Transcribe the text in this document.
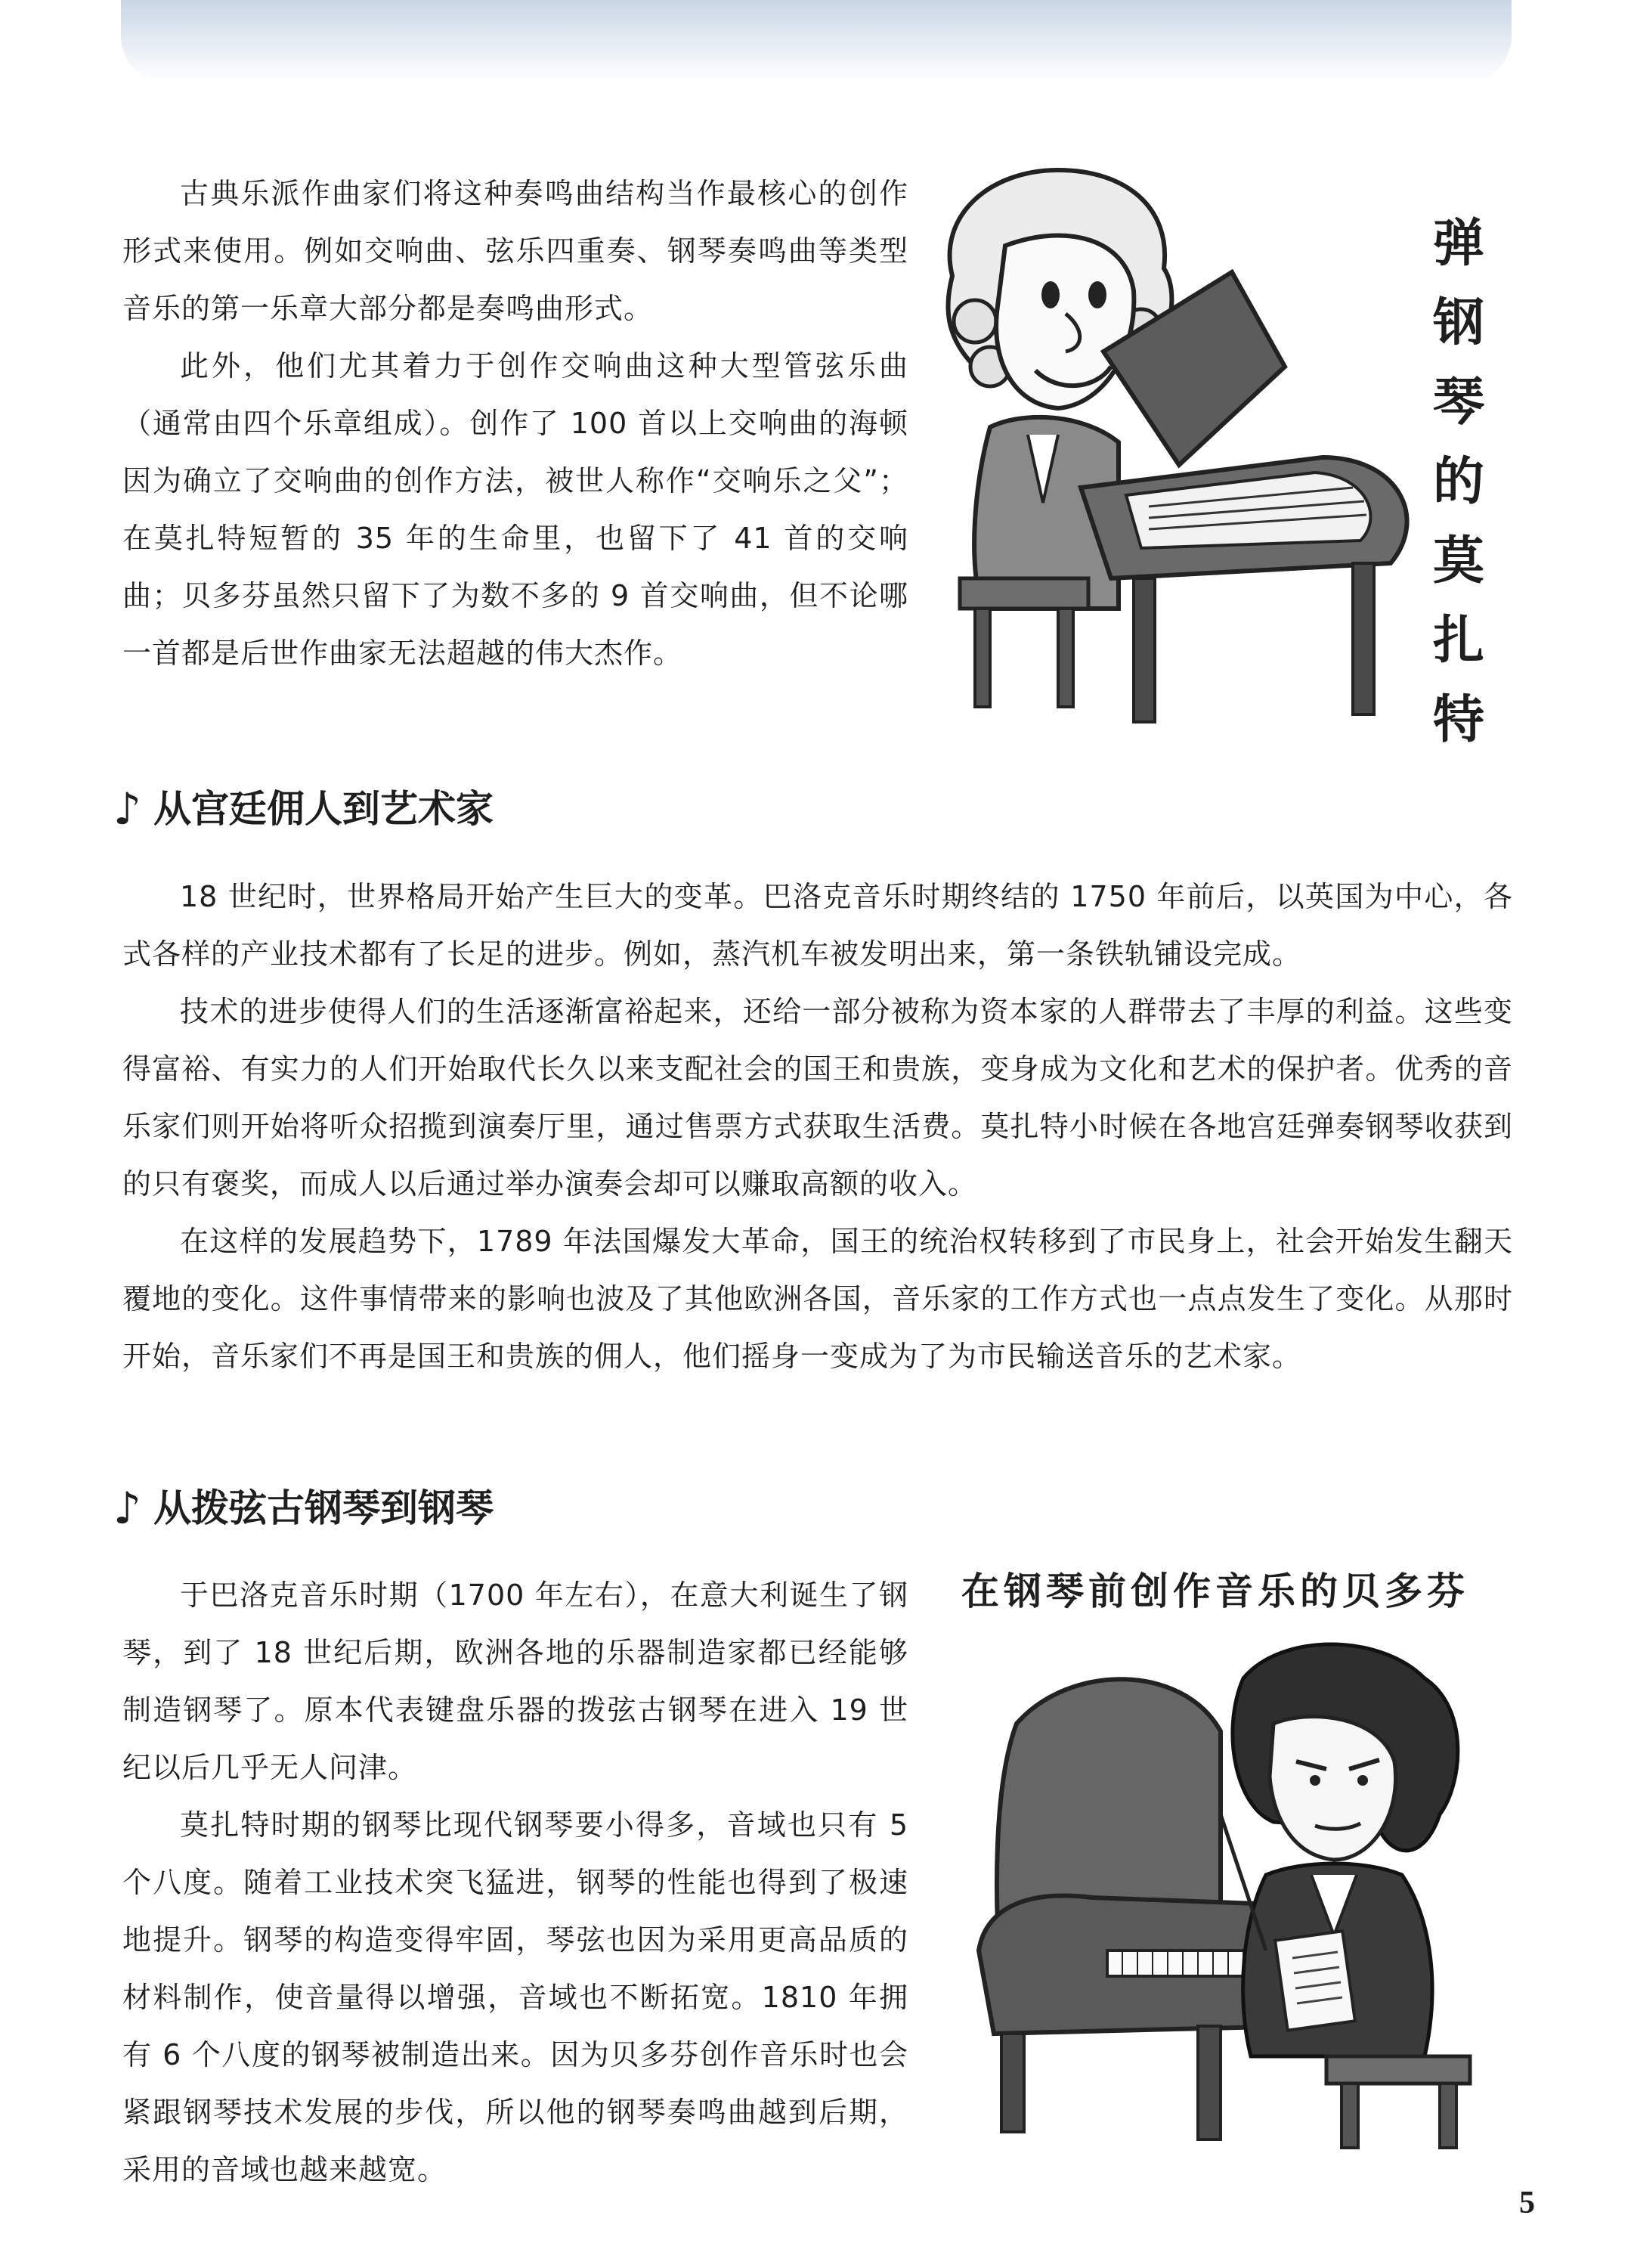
古典乐派作曲家们将这种奏鸣曲结构当作最核心的创作形式来使用。例如交响曲、弦乐四重奏、钢琴奏鸣曲等类型音乐的第一乐章大部分都是奏鸣曲形式。

此外，他们尤其着力于创作交响曲这种大型管弦乐曲（通常由四个乐章组成）。创作了 100 首以上交响曲的海顿因为确立了交响曲的创作方法，被世人称作“交响乐之父”；在莫扎特短暂的 35 年的生命里，也留下了 41 首的交响曲；贝多芬虽然只留下了为数不多的 9 首交响曲，但不论哪一首都是后世作曲家无法超越的伟大杰作。

弹钢琴的莫扎特
♪ 从宫廷佣人到艺术家

18 世纪时，世界格局开始产生巨大的变革。巴洛克音乐时期终结的 1750 年前后，以英国为中心，各式各样的产业技术都有了长足的进步。例如，蒸汽机车被发明出来，第一条铁轨铺设完成。

技术的进步使得人们的生活逐渐富裕起来，还给一部分被称为资本家的人群带去了丰厚的利益。这些变得富裕、有实力的人们开始取代长久以来支配社会的国王和贵族，变身成为文化和艺术的保护者。优秀的音乐家们则开始将听众招揽到演奏厅里，通过售票方式获取生活费。莫扎特小时候在各地宫廷弹奏钢琴收获到的只有褒奖，而成人以后通过举办演奏会却可以赚取高额的收入。

在这样的发展趋势下，1789 年法国爆发大革命，国王的统治权转移到了市民身上，社会开始发生翻天覆地的变化。这件事情带来的影响也波及了其他欧洲各国，音乐家的工作方式也一点点发生了变化。从那时开始，音乐家们不再是国王和贵族的佣人，他们摇身一变成为了为市民输送音乐的艺术家。

♪ 从拨弦古钢琴到钢琴

于巴洛克音乐时期（1700 年左右），在意大利诞生了钢琴，到了 18 世纪后期，欧洲各地的乐器制造家都已经能够制造钢琴了。原本代表键盘乐器的拨弦古钢琴在进入 19 世纪以后几乎无人问津。

莫扎特时期的钢琴比现代钢琴要小得多，音域也只有 5 个八度。随着工业技术突飞猛进，钢琴的性能也得到了极速地提升。钢琴的构造变得牢固，琴弦也因为采用更高品质的材料制作，使音量得以增强，音域也不断拓宽。1810 年拥有 6 个八度的钢琴被制造出来。因为贝多芬创作音乐时也会紧跟钢琴技术发展的步伐，所以他的钢琴奏鸣曲越到后期，采用的音域也越来越宽。

在钢琴前创作音乐的贝多芬
5
